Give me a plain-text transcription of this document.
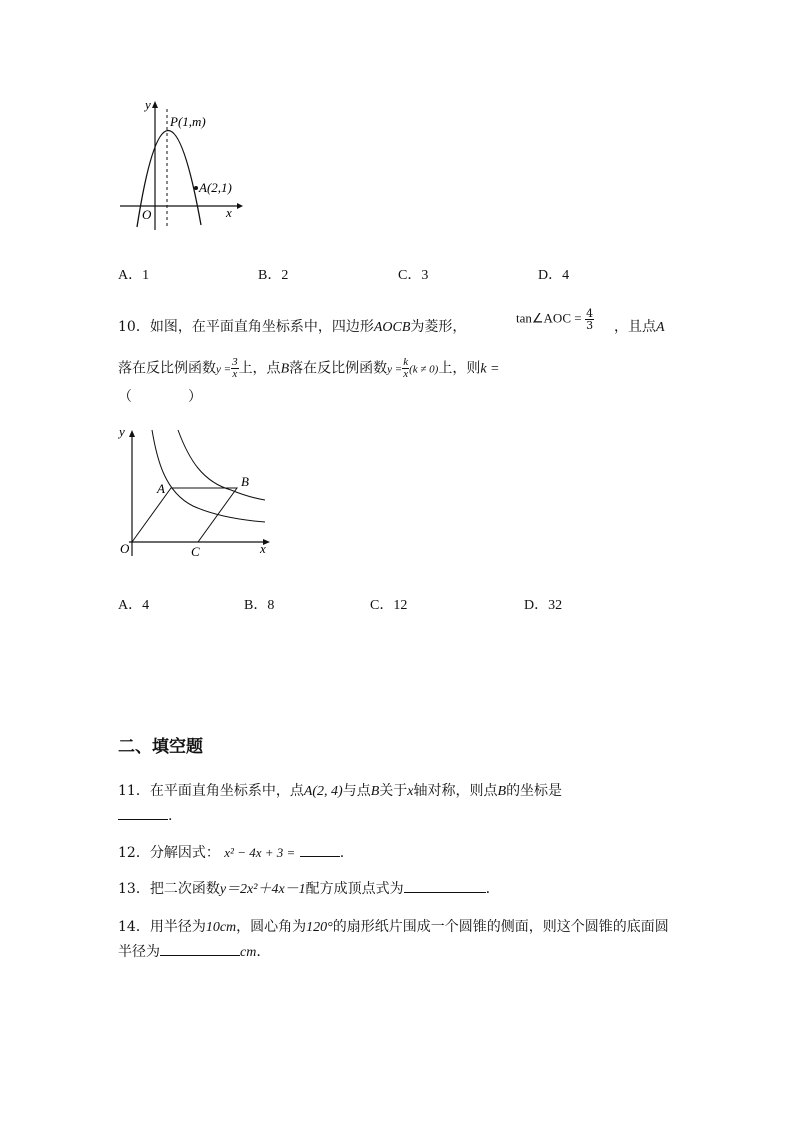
y
x
O
P(1,m)
A(2,1)
A．1	B．2	C．3	D．4
10．如图，在平面直角坐标系中，四边形AOCB为菱形，
tan∠AOC = $\frac{4}{3}$ ，且点A
落在反比例函数$y = \frac{3}{x}$ 上，点B落在反比例函数$y = \frac{k}{x} (k \ne 0)$上，则k =
（　　　　）
y
x
O
A	B
C
A．4	B．8	C．12	D．32
二、填空题
11．在平面直角坐标系中，点A(2, 4)与点B关于x轴对称，则点B的坐标是
.
12．分解因式： x² − 4x + 3 =	.
13．把二次函数y＝2x²＋4x－1配方成顶点式为	.
14．用半径为10cm，圆心角为120°的扇形纸片围成一个圆锥的侧面，则这个圆锥的底面圆
半径为	cm.
